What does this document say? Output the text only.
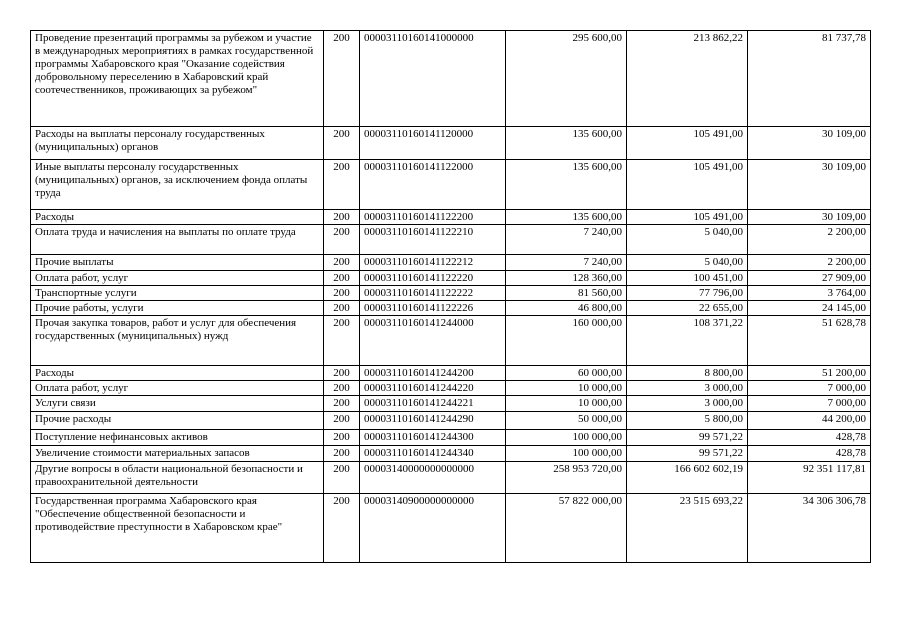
Проведение презентаций программы за рубежом и участие в международных мероприятиях в рамках государственной программы Хабаровского края "Оказание содействия добровольному переселению в Хабаровский край соотечественников, проживающих за рубежом"	200	00003110160141000000	295 600,00	213 862,22	81 737,78
Расходы на выплаты персоналу государственных (муниципальных) органов	200	00003110160141120000	135 600,00	105 491,00	30 109,00
Иные выплаты персоналу государственных (муниципальных) органов, за исключением фонда оплаты труда	200	00003110160141122000	135 600,00	105 491,00	30 109,00
Расходы	200	00003110160141122200	135 600,00	105 491,00	30 109,00
Оплата труда и начисления на выплаты по оплате труда	200	00003110160141122210	7 240,00	5 040,00	2 200,00
Прочие выплаты	200	00003110160141122212	7 240,00	5 040,00	2 200,00
Оплата работ, услуг	200	00003110160141122220	128 360,00	100 451,00	27 909,00
Транспортные услуги	200	00003110160141122222	81 560,00	77 796,00	3 764,00
Прочие работы, услуги	200	00003110160141122226	46 800,00	22 655,00	24 145,00
Прочая закупка товаров, работ и услуг для обеспечения государственных (муниципальных) нужд	200	00003110160141244000	160 000,00	108 371,22	51 628,78
Расходы	200	00003110160141244200	60 000,00	8 800,00	51 200,00
Оплата работ, услуг	200	00003110160141244220	10 000,00	3 000,00	7 000,00
Услуги связи	200	00003110160141244221	10 000,00	3 000,00	7 000,00
Прочие расходы	200	00003110160141244290	50 000,00	5 800,00	44 200,00
Поступление нефинансовых активов	200	00003110160141244300	100 000,00	99 571,22	428,78
Увеличение стоимости материальных запасов	200	00003110160141244340	100 000,00	99 571,22	428,78
Другие вопросы в области национальной безопасности и правоохранительной деятельности	200	00003140000000000000	258 953 720,00	166 602 602,19	92 351 117,81
Государственная программа Хабаровского края "Обеспечение общественной безопасности и противодействие преступности в Хабаровском крае"	200	00003140900000000000	57 822 000,00	23 515 693,22	34 306 306,78
